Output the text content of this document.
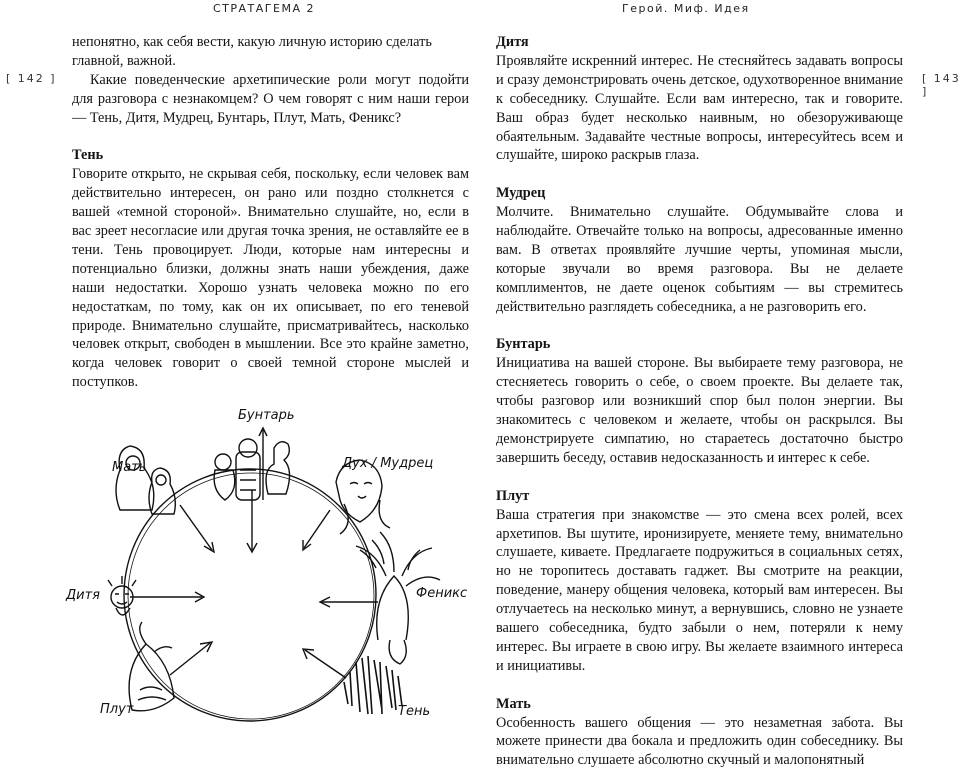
СТРАТАГЕМА 2	Герой. Миф. Идея
[ 142 ]	[ 143 ]
непонятно, как себя вести, какую личную историю сделать
главной, важной.

Какие поведенческие архетипические роли могут подойти для разговора с незнакомцем? О чем говорят с ним наши герои — Тень, Дитя, Мудрец, Бунтарь, Плут, Мать, Феникс?

Тень

Говорите открыто, не скрывая себя, поскольку, если человек вам действительно интересен, он рано или поздно столкнется с вашей «темной стороной». Внимательно слушайте, но, если в вас зреет несогласие или другая точка зрения, не оставляйте ее в тени. Тень провоцирует. Люди, которые нам интересны и потенциально близки, должны знать наши убеждения, даже наши недостатки. Хорошо узнать человека можно по его недостаткам, по тому, как он их описывает, по его теневой природе. Внимательно слушайте, присматривайтесь, насколько человек открыт, свободен в мышлении. Все это крайне заметно, когда человек говорит о своей темной стороне мыслей и поступков.

Бунтарь
Дух / Мудрец
Мать
Дитя	Феникс
Плут	Тень
Дитя

Проявляйте искренний интерес. Не стесняйтесь задавать вопросы и сразу демонстрировать очень детское, одухотворенное внимание к собеседнику. Слушайте. Если вам интересно, так и говорите. Ваш образ будет несколько наивным, но обезоруживающе обаятельным. Задавайте честные вопросы, интересуйтесь всем и слушайте, широко раскрыв глаза.

Мудрец

Молчите. Внимательно слушайте. Обдумывайте слова и наблюдайте. Отвечайте только на вопросы, адресованные именно вам. В ответах проявляйте лучшие черты, упоминая мысли, которые звучали во время разговора. Вы не делаете комплиментов, не даете оценок событиям — вы стремитесь действительно разглядеть собеседника, а не разговорить его.

Бунтарь

Инициатива на вашей стороне. Вы выбираете тему разговора, не стесняетесь говорить о себе, о своем проекте. Вы делаете так, чтобы разговор или возникший спор был полон энергии. Вы знакомитесь с человеком и желаете, чтобы он раскрылся. Вы демонстрируете симпатию, но стараетесь достаточно быстро завершить беседу, оставив недосказанность и интерес к себе.

Плут

Ваша стратегия при знакомстве — это смена всех ролей, всех архетипов. Вы шутите, иронизируете, меняете тему, внимательно слушаете, киваете. Предлагаете подружиться в социальных сетях, но не торопитесь доставать гаджет. Вы смотрите на реакции, поведение, манеру общения человека, который вам интересен. Вы отлучаетесь на несколько минут, а вернувшись, словно не узнаете вашего собеседника, будто забыли о нем, потеряли к нему интерес. Вы играете в свою игру. Вы желаете взаимного интереса и инициативы.

Мать

Особенность вашего общения — это незаметная забота. Вы можете принести два бокала и предложить один собеседнику. Вы внимательно слушаете абсолютно скучный и малопонятный
